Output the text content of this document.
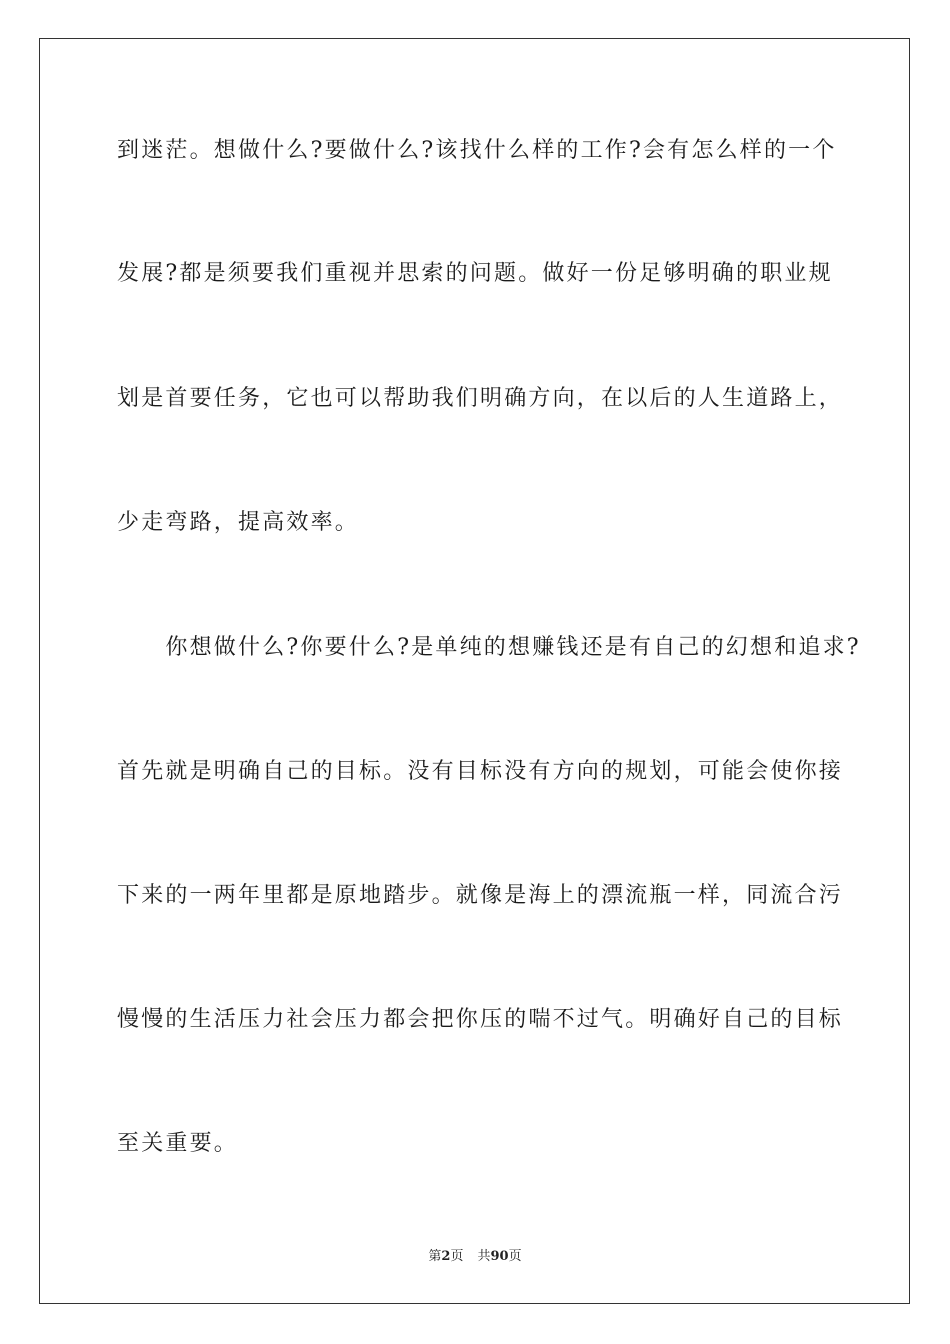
到迷茫。想做什么?要做什么?该找什么样的工作?会有怎么样的一个

发展?都是须要我们重视并思索的问题。做好一份足够明确的职业规

划是首要任务，它也可以帮助我们明确方向，在以后的人生道路上，

少走弯路，提高效率。

　　你想做什么?你要什么?是单纯的想赚钱还是有自己的幻想和追求?

首先就是明确自己的目标。没有目标没有方向的规划，可能会使你接

下来的一两年里都是原地踏步。就像是海上的漂流瓶一样，同流合污

慢慢的生活压力社会压力都会把你压的喘不过气。明确好自己的目标

至关重要。

第2页 共90页
